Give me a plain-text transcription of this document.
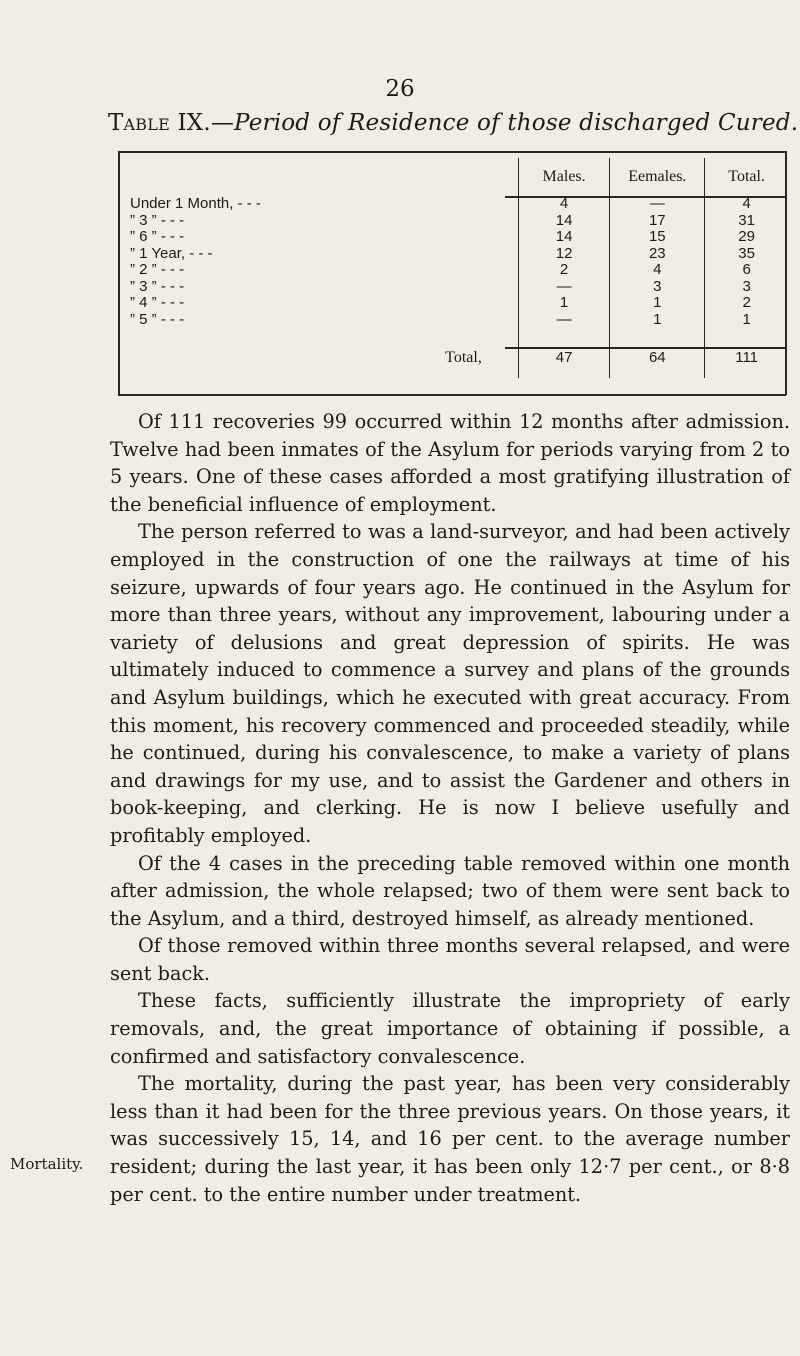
26
Table IX.—Period of Residence of those discharged Cured.
	Males.	Eemales.	Total.
Under 1 Month, - - -	4	—	4
” 3 ” - - -	14	17	31
” 6 ” - - -	14	15	29
” 1 Year, - - -	12	23	35
” 2 ” - - -	2	4	6
” 3 ” - - -	—	3	3
” 4 ” - - -	1	1	2
” 5 ” - - -	—	1	1

Total,	47	64	111

Of 111 recoveries 99 occurred within 12 months after admission. Twelve had been inmates of the Asylum for periods varying from 2 to 5 years. One of these cases afforded a most gratifying illustration of the beneficial influence of employment.

The person referred to was a land-surveyor, and had been actively employed in the construction of one the railways at time of his seizure, upwards of four years ago. He continued in the Asylum for more than three years, without any improvement, labouring under a variety of delusions and great depression of spirits. He was ultimately induced to commence a survey and plans of the grounds and Asylum buildings, which he executed with great accuracy. From this moment, his recovery commenced and proceeded steadily, while he continued, during his convalescence, to make a variety of plans and drawings for my use, and to assist the Gardener and others in book-keeping, and clerking. He is now I believe usefully and profitably employed.

Of the 4 cases in the preceding table removed within one month after admission, the whole relapsed; two of them were sent back to the Asylum, and a third, destroyed himself, as already mentioned.

Of those removed within three months several relapsed, and were sent back.

These facts, sufficiently illustrate the impropriety of early removals, and, the great importance of obtaining if possible, a confirmed and satisfactory convalescence.

The mortality, during the past year, has been very considerably less than it had been for the three previous years. On those years, it was successively 15, 14, and 16 per cent. to the average number resident; during the last year, it has been only 12·7 per cent., or 8·8 per cent. to the entire number under treatment.

Mortality.
